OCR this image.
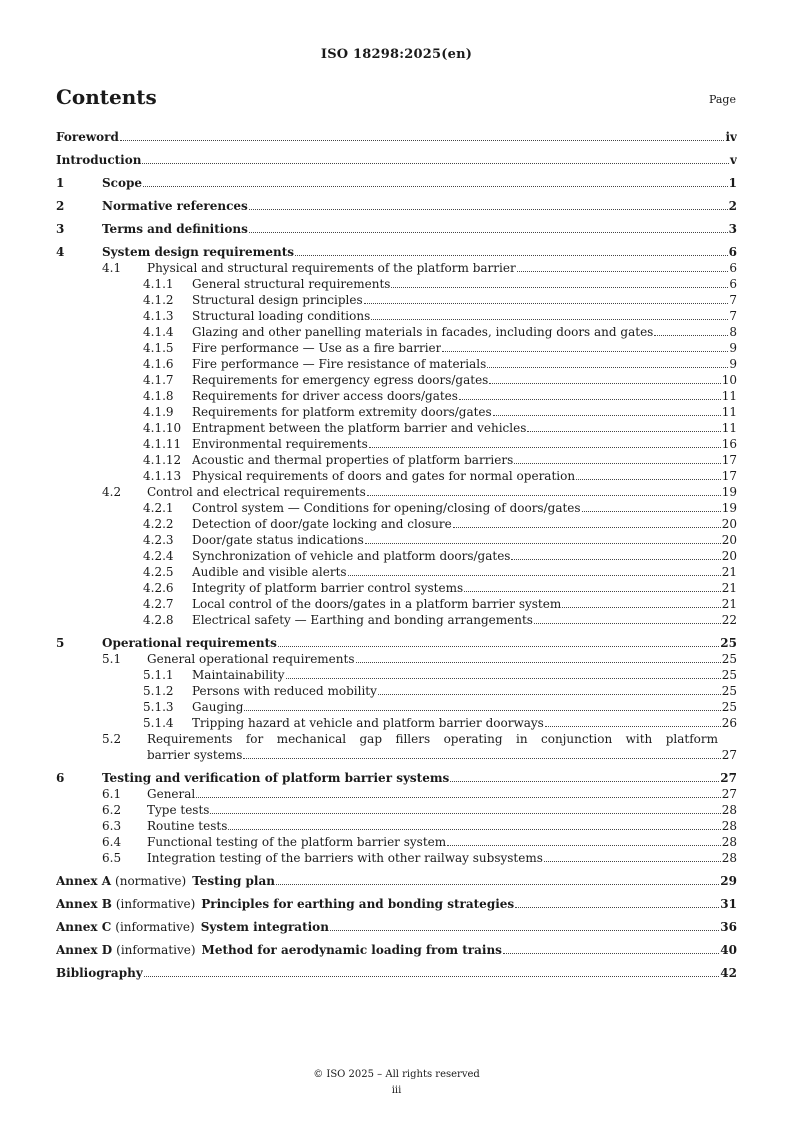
ISO 18298:2025(en)
Contents	Page
Foreword	iv
Introduction	v
1	Scope	1
2	Normative references	2
3	Terms and definitions	3
4	System design requirements	6
4.1 Physical and structural requirements of the platform barrier	6
4.1.1 General structural requirements	6
4.1.2 Structural design principles	7
4.1.3 Structural loading conditions	7
4.1.4 Glazing and other panelling materials in facades, including doors and gates	8
4.1.5 Fire performance — Use as a fire barrier	9
4.1.6 Fire performance — Fire resistance of materials	9
4.1.7 Requirements for emergency egress doors/gates	10
4.1.8 Requirements for driver access doors/gates	11
4.1.9 Requirements for platform extremity doors/gates	11
4.1.10 Entrapment between the platform barrier and vehicles	11
4.1.11 Environmental requirements	16
4.1.12 Acoustic and thermal properties of platform barriers	17
4.1.13 Physical requirements of doors and gates for normal operation	17
4.2 Control and electrical requirements	19
4.2.1 Control system — Conditions for opening/closing of doors/gates	19
4.2.2 Detection of door/gate locking and closure	20
4.2.3 Door/gate status indications	20
4.2.4 Synchronization of vehicle and platform doors/gates	20
4.2.5 Audible and visible alerts	21
4.2.6 Integrity of platform barrier control systems	21
4.2.7 Local control of the doors/gates in a platform barrier system	21
4.2.8 Electrical safety — Earthing and bonding arrangements	22
5	Operational requirements	25
5.1 General operational requirements	25
5.1.1 Maintainability	25
5.1.2 Persons with reduced mobility	25
5.1.3 Gauging	25
5.1.4 Tripping hazard at vehicle and platform barrier doorways	26
5.2 Requirements for mechanical gap fillers operating in conjunction with platform
barrier systems	27
6	Testing and verification of platform barrier systems	27
6.1 General	27
6.2 Type tests	28
6.3 Routine tests	28
6.4 Functional testing of the platform barrier system	28
6.5 Integration testing of the barriers with other railway subsystems	28
Annex A (normative) Testing plan	29
Annex B (informative) Principles for earthing and bonding strategies	31
Annex C (informative) System integration	36
Annex D (informative) Method for aerodynamic loading from trains	40
Bibliography	42
© ISO 2025 – All rights reserved
iii
